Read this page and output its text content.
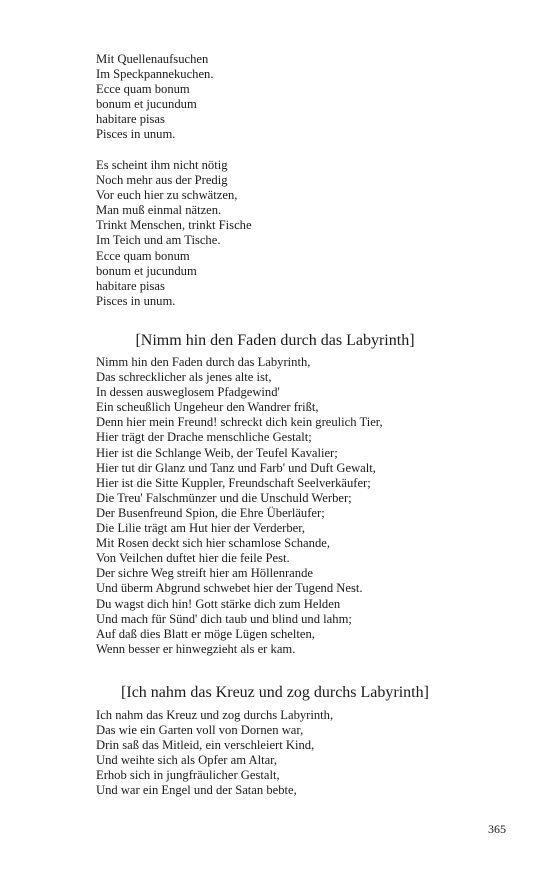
Mit Quellenaufsuchen
Im Speckpannekuchen.
Ecce quam bonum
bonum et jucundum
habitare pisas
Pisces in unum.
Es scheint ihm nicht nötig
Noch mehr aus der Predig
Vor euch hier zu schwätzen,
Man muß einmal nätzen.
Trinkt Menschen, trinkt Fische
Im Teich und am Tische.
Ecce quam bonum
bonum et jucundum
habitare pisas
Pisces in unum.
[Nimm hin den Faden durch das Labyrinth]
Nimm hin den Faden durch das Labyrinth,
Das schrecklicher als jenes alte ist,
In dessen ausweglosem Pfadgewind'
Ein scheußlich Ungeheur den Wandrer frißt,
Denn hier mein Freund! schreckt dich kein greulich Tier,
Hier trägt der Drache menschliche Gestalt;
Hier ist die Schlange Weib, der Teufel Kavalier;
Hier tut dir Glanz und Tanz und Farb' und Duft Gewalt,
Hier ist die Sitte Kuppler, Freundschaft Seelverkäufer;
Die Treu' Falschmünzer und die Unschuld Werber;
Der Busenfreund Spion, die Ehre Überläufer;
Die Lilie trägt am Hut hier der Verderber,
Mit Rosen deckt sich hier schamlose Schande,
Von Veilchen duftet hier die feile Pest.
Der sichre Weg streift hier am Höllenrande
Und überm Abgrund schwebet hier der Tugend Nest.
Du wagst dich hin! Gott stärke dich zum Helden
Und mach für Sünd' dich taub und blind und lahm;
Auf daß dies Blatt er möge Lügen schelten,
Wenn besser er hinwegzieht als er kam.
[Ich nahm das Kreuz und zog durchs Labyrinth]
Ich nahm das Kreuz und zog durchs Labyrinth,
Das wie ein Garten voll von Dornen war,
Drin saß das Mitleid, ein verschleiert Kind,
Und weihte sich als Opfer am Altar,
Erhob sich in jungfräulicher Gestalt,
Und war ein Engel und der Satan bebte,
365
